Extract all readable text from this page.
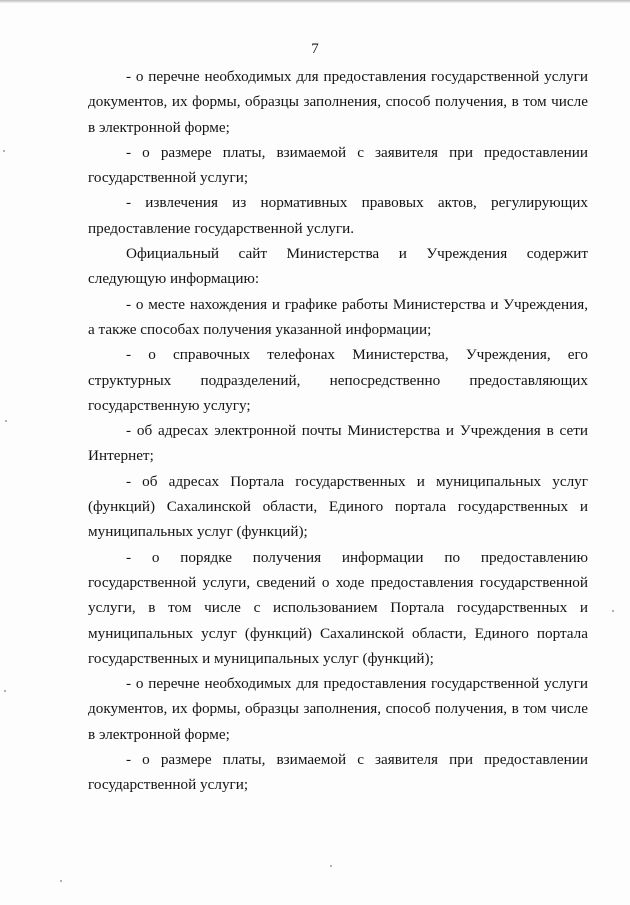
7

- о перечне необходимых для предоставления государственной услуги документов, их формы, образцы заполнения, способ получения, в том числе в электронной форме;

- о размере платы, взимаемой с заявителя при предоставлении государственной услуги;

- извлечения из нормативных правовых актов, регулирующих предоставление государственной услуги.

Официальный сайт Министерства и Учреждения содержит следующую информацию:

- о месте нахождения и графике работы Министерства и Учреждения, а также способах получения указанной информации;

- о справочных телефонах Министерства, Учреждения, его структурных подразделений, непосредственно предоставляющих государственную услугу;

- об адресах электронной почты Министерства и Учреждения в сети Интернет;

- об адресах Портала государственных и муниципальных услуг (функций) Сахалинской области, Единого портала государственных и муниципальных услуг (функций);

- о порядке получения информации по предоставлению государственной услуги, сведений о ходе предоставления государственной услуги, в том числе с использованием Портала государственных и муниципальных услуг (функций) Сахалинской области, Единого портала государственных и муниципальных услуг (функций);

- о перечне необходимых для предоставления государственной услуги документов, их формы, образцы заполнения, способ получения, в том числе в электронной форме;

- о размере платы, взимаемой с заявителя при предоставлении государственной услуги;
